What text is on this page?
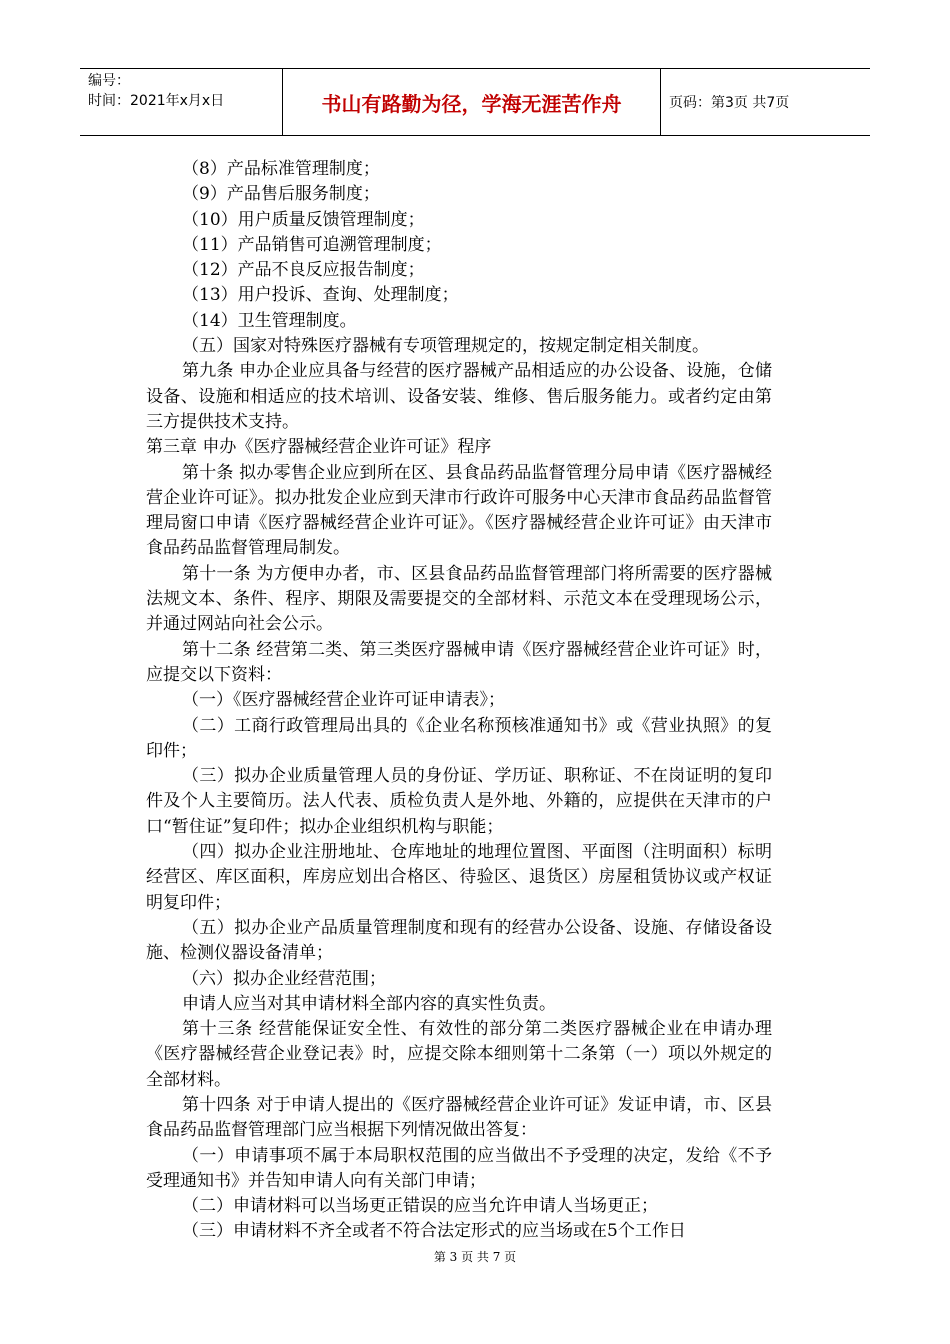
编号：
时间：2021年x月x日	书山有路勤为径，学海无涯苦作舟	页码：第3页 共7页

（8）产品标准管理制度；

（9）产品售后服务制度；

（10）用户质量反馈管理制度；

（11）产品销售可追溯管理制度；

（12）产品不良反应报告制度；

（13）用户投诉、查询、处理制度；

（14）卫生管理制度。

（五）国家对特殊医疗器械有专项管理规定的，按规定制定相关制度。

第九条 申办企业应具备与经营的医疗器械产品相适应的办公设备、设施，仓储设备、设施和相适应的技术培训、设备安装、维修、售后服务能力。或者约定由第三方提供技术支持。

第三章 申办《医疗器械经营企业许可证》程序

第十条 拟办零售企业应到所在区、县食品药品监督管理分局申请《医疗器械经营企业许可证》。拟办批发企业应到天津市行政许可服务中心天津市食品药品监督管理局窗口申请《医疗器械经营企业许可证》。《医疗器械经营企业许可证》由天津市食品药品监督管理局制发。

第十一条 为方便申办者，市、区县食品药品监督管理部门将所需要的医疗器械法规文本、条件、程序、期限及需要提交的全部材料、示范文本在受理现场公示，并通过网站向社会公示。

第十二条 经营第二类、第三类医疗器械申请《医疗器械经营企业许可证》时，应提交以下资料：

（一）《医疗器械经营企业许可证申请表》；

（二）工商行政管理局出具的《企业名称预核准通知书》或《营业执照》的复印件；

（三）拟办企业质量管理人员的身份证、学历证、职称证、不在岗证明的复印件及个人主要简历。法人代表、质检负责人是外地、外籍的，应提供在天津市的户口“暂住证”复印件；拟办企业组织机构与职能；

（四）拟办企业注册地址、仓库地址的地理位置图、平面图（注明面积）标明经营区、库区面积，库房应划出合格区、待验区、退货区）房屋租赁协议或产权证明复印件；

（五）拟办企业产品质量管理制度和现有的经营办公设备、设施、存储设备设施、检测仪器设备清单；

（六）拟办企业经营范围；

申请人应当对其申请材料全部内容的真实性负责。

第十三条 经营能保证安全性、有效性的部分第二类医疗器械企业在申请办理《医疗器械经营企业登记表》时，应提交除本细则第十二条第（一）项以外规定的全部材料。

第十四条 对于申请人提出的《医疗器械经营企业许可证》发证申请，市、区县食品药品监督管理部门应当根据下列情况做出答复：

（一）申请事项不属于本局职权范围的应当做出不予受理的决定，发给《不予受理通知书》并告知申请人向有关部门申请；

（二）申请材料可以当场更正错误的应当允许申请人当场更正；

（三）申请材料不齐全或者不符合法定形式的应当场或在5个工作日

第 3 页 共 7 页
